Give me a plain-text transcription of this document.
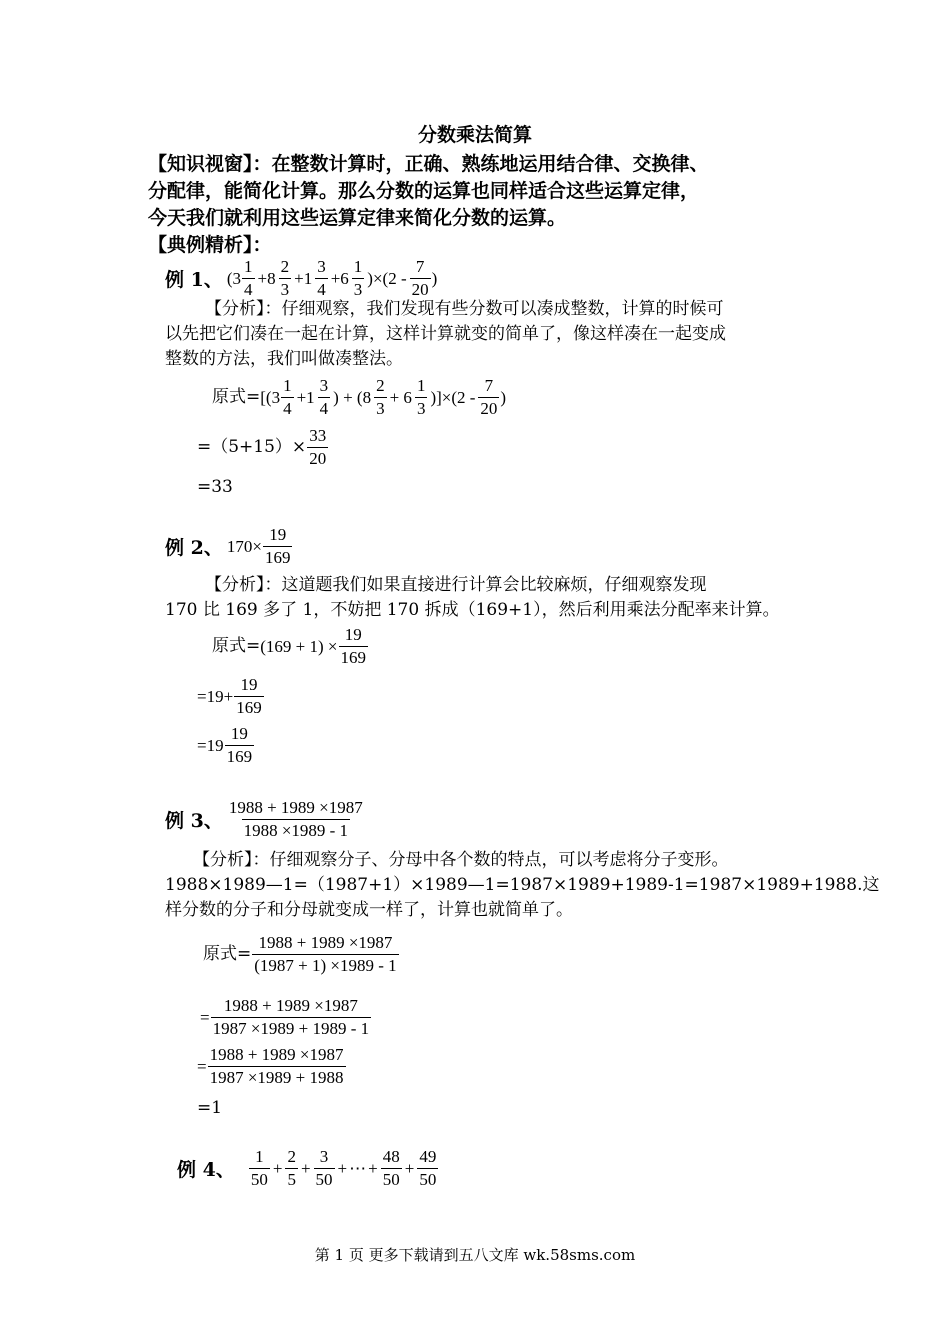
分数乘法简算
【知识视窗】：在整数计算时，正确、熟练地运用结合律、交换律、
分配律，能简化计算。那么分数的运算也同样适合这些运算定律，
今天我们就利用这些运算定律来简化分数的运算。
【典例精析】：
例 1、 $(3 \frac{1}{4} +8 \frac{2}{3} +1 \frac{3}{4} +6 \frac{1}{3} )\times(2 - \frac{7}{20}$ )
【分析】：仔细观察，我们发现有些分数可以凑成整数，计算的时候可
以先把它们凑在一起在计算，这样计算就变的简单了，像这样凑在一起变成
整数的方法，我们叫做凑整法。
原式= [($3 \frac{1}{4} +1 \frac{3}{4}$ ) + $(8 \frac{2}{3} + 6 \frac{1}{3} )]\times(2 - \frac{7}{20}$ )
$=(5+15)\times \frac{33}{20}$
=33
例 2、 $170\times \frac{19}{169}$
【分析】：这道题我们如果直接进行计算会比较麻烦，仔细观察发现
170 比 169 多了 1，不妨把 170 拆成（169+1），然后利用乘法分配率来计算。
原式= $(169 + 1) \times \frac{19}{169}$
$=19+ \frac{19}{169}$
$=19 \frac{19}{169}$
例 3、 $\frac{1988 + 1989 \times 1987}{1988 \times 1989 - 1}$
【分析】：仔细观察分子、分母中各个数的特点，可以考虑将分子变形。
1988×1989—1=（1987+1）×1989—1=1987×1989+1989-1=1987×1989+1988.这
样分数的分子和分母就变成一样了，计算也就简单了。
原式= $\frac{1988 + 1989 \times 1987}{(1987 + 1) \times 1989 - 1}$
= $\frac{1988 + 1989 \times 1987}{1987 \times 1989 + 1989 - 1}$
= $\frac{1988 + 1989 \times 1987}{1987 \times 1989 + 1988}$
=1
例 4、 $\frac{1}{50} + \frac{2}{5} + \frac{3}{50}$ + ⋯ + $\frac{48}{50} + \frac{49}{50}$
第 1 页 更多下载请到五八文库 wk.58sms.com
